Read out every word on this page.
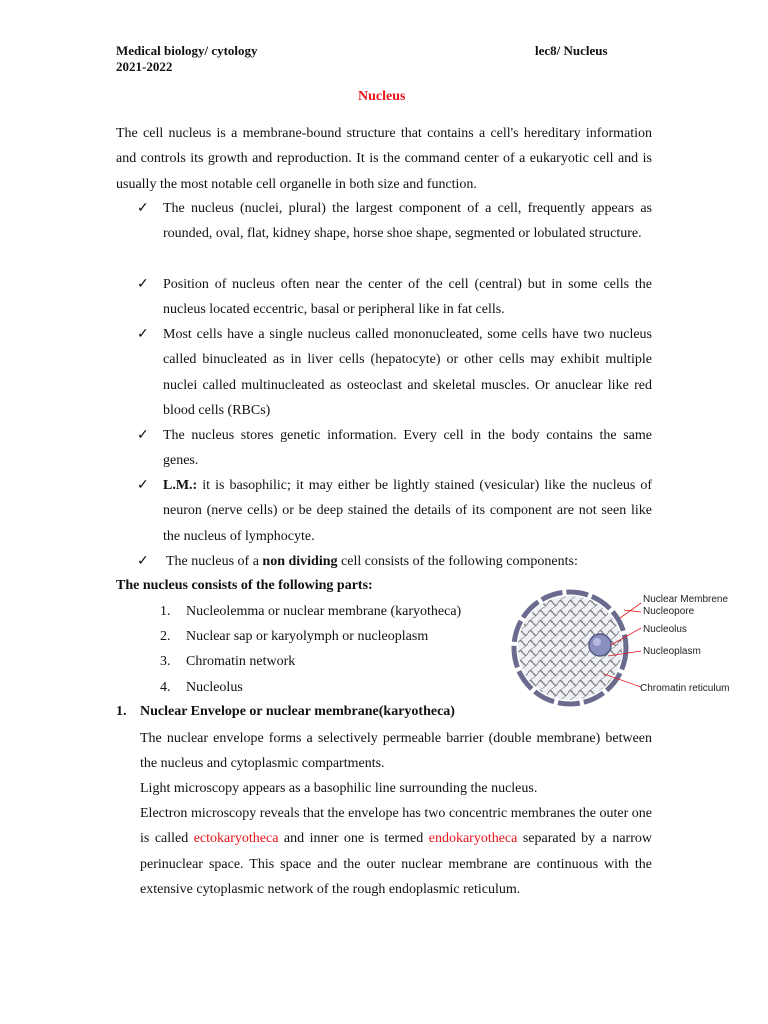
Medical biology/ cytology
2021-2022
lec8/ Nucleus
Nucleus
The cell nucleus is a membrane-bound structure that contains a cell's hereditary information and controls its growth and reproduction. It is the command center of a eukaryotic cell and is usually the most notable cell organelle in both size and function.
✓	The nucleus (nuclei, plural) the largest component of a cell, frequently appears as rounded, oval, flat, kidney shape, horse shoe shape, segmented or lobulated structure.
✓	Position of nucleus often near the center of the cell (central) but in some cells the nucleus located eccentric, basal or peripheral like in fat cells.
✓	Most cells have a single nucleus called mononucleated, some cells have two nucleus called binucleated as in liver cells (hepatocyte) or other cells may exhibit multiple nuclei called multinucleated as osteoclast and skeletal muscles. Or anuclear like red blood cells (RBCs)
✓	The nucleus stores genetic information. Every cell in the body contains the same genes.
✓	L.M.: it is basophilic; it may either be lightly stained (vesicular) like the nucleus of neuron (nerve cells) or be deep stained the details of its component are not seen like the nucleus of lymphocyte.
✓	The nucleus of a non dividing cell consists of the following components:
The nucleus consists of the following parts:
1. Nucleolemma or nuclear membrane (karyotheca)
2. Nuclear sap or karyolymph or nucleoplasm
3. Chromatin network
4. Nucleolus
Nuclear Membrene
Nucleopore
Nucleolus
Nucleoplasm
Chromatin reticulum
1. Nuclear Envelope or nuclear membrane(karyotheca)
The nuclear envelope forms a selectively permeable barrier (double membrane) between the nucleus and cytoplasmic compartments.
Light microscopy appears as a basophilic line surrounding the nucleus.
Electron microscopy reveals that the envelope has two concentric membranes the outer one is called ectokaryotheca and inner one is termed endokaryotheca separated by a narrow perinuclear space. This space and the outer nuclear membrane are continuous with the extensive cytoplasmic network of the rough endoplasmic reticulum.
